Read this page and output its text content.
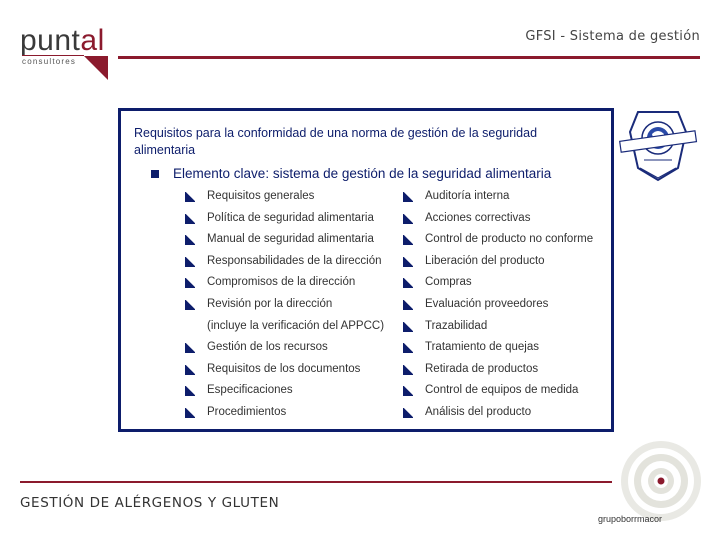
puntal
consultores
GFSI - Sistema de gestión
Requisitos para la conformidad de una norma de gestión de la seguridad alimentaria
Elemento clave: sistema de gestión de la seguridad alimentaria
Requisitos generales
Política de seguridad alimentaria
Manual de seguridad alimentaria
Responsabilidades de la dirección
Compromisos de la dirección
Revisión por la dirección
(incluye la verificación del APPCC)
Gestión de los recursos
Requisitos de los documentos
Especificaciones
Procedimientos
Auditoría interna
Acciones correctivas
Control de producto no conforme
Liberación del producto
Compras
Evaluación proveedores
Trazabilidad
Tratamiento de quejas
Retirada de productos
Control de equipos de medida
Análisis del producto
GESTIÓN DE ALÉRGENOS Y GLUTEN
grupoborrmacor
